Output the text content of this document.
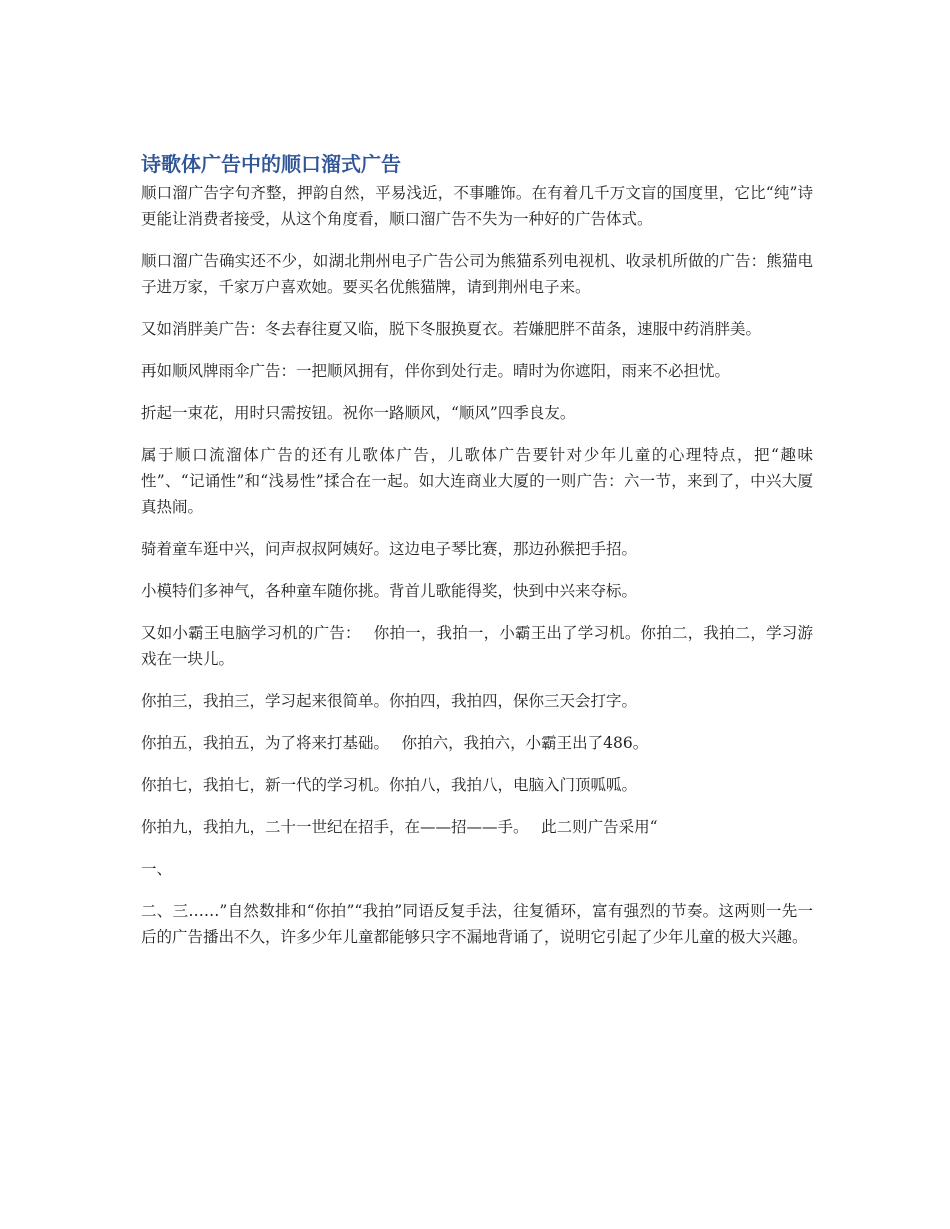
诗歌体广告中的顺口溜式广告

顺口溜广告字句齐整，押韵自然，平易浅近，不事雕饰。在有着几千万文盲的国度里，它比“纯”诗更能让消费者接受，从这个角度看，顺口溜广告不失为一种好的广告体式。

顺口溜广告确实还不少，如湖北荆州电子广告公司为熊猫系列电视机、收录机所做的广告：熊猫电子进万家，千家万户喜欢她。要买名优熊猫牌，请到荆州电子来。

又如消胖美广告：冬去春往夏又临，脱下冬服换夏衣。若嫌肥胖不苗条，速服中药消胖美。

再如顺风牌雨伞广告：一把顺风拥有，伴你到处行走。晴时为你遮阳，雨来不必担忧。

折起一束花，用时只需按钮。祝你一路顺风，“顺风”四季良友。

属于顺口流溜体广告的还有儿歌体广告，儿歌体广告要针对少年儿童的心理特点，把“趣味性”、“记诵性”和“浅易性”揉合在一起。如大连商业大厦的一则广告：六一节，来到了，中兴大厦真热闹。

骑着童车逛中兴，问声叔叔阿姨好。这边电子琴比赛，那边孙猴把手招。

小模特们多神气，各种童车随你挑。背首儿歌能得奖，快到中兴来夺标。

又如小霸王电脑学习机的广告：　 你拍一，我拍一，小霸王出了学习机。你拍二，我拍二，学习游戏在一块儿。

你拍三，我拍三，学习起来很简单。你拍四，我拍四，保你三天会打字。

你拍五，我拍五，为了将来打基础。　 你拍六，我拍六，小霸王出了486。

你拍七，我拍七，新一代的学习机。你拍八，我拍八，电脑入门顶呱呱。

你拍九，我拍九，二十一世纪在招手，在——招——手。　 此二则广告采用“

一、

二、三……”自然数排和“你拍”“我拍”同语反复手法，往复循环，富有强烈的节奏。这两则一先一后的广告播出不久，许多少年儿童都能够只字不漏地背诵了，说明它引起了少年儿童的极大兴趣。
